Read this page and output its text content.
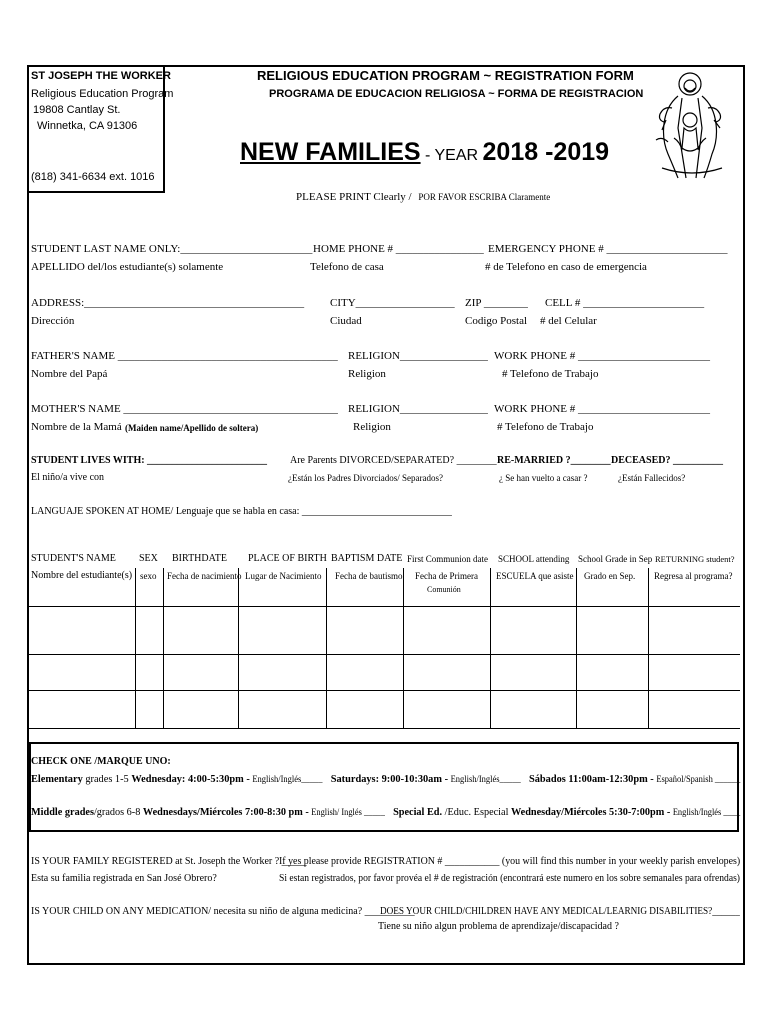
ST JOSEPH THE WORKER
Religious Education Program
19808 Cantlay St.
Winnetka, CA 91306
(818) 341-6634 ext. 1016
RELIGIOUS EDUCATION PROGRAM ~ REGISTRATION FORM
PROGRAMA DE EDUCACION RELIGIOSA ~ FORMA DE REGISTRACION
NEW FAMILIES - YEAR 2018 -2019
PLEASE PRINT Clearly / POR FAVOR ESCRIBA Claramente
STUDENT LAST NAME ONLY:________________________
APELLIDO del/los estudiante(s) solamente
HOME PHONE # ________________
Telefono de casa
EMERGENCY PHONE # ______________________
# de Telefono en caso de emergencia
ADDRESS:________________________________________
Dirección
CITY__________________
Ciudad
ZIP ________
Codigo Postal
CELL # ______________________
# del Celular
FATHER'S NAME ________________________________________
Nombre del Papá
RELIGION________________
Religion
WORK PHONE # ________________________
# Telefono de Trabajo
MOTHER'S NAME _______________________________________
Nombre de la Mamá (Maiden name/Apellido de soltera)
RELIGION________________
Religion
WORK PHONE # ________________________
# Telefono de Trabajo
STUDENT LIVES WITH: ________________________
El niño/a vive con
Are Parents DIVORCED/SEPARATED? ________
¿Están los Padres Divorciados/ Separados?
RE-MARRIED ?________
¿ Se han vuelto a casar ?
DECEASED? __________
¿Están Fallecidos?
LANGUAJE SPOKEN AT HOME/ Lenguaje que se habla en casa: ______________________________
STUDENT'S NAME
Nombre del estudiante(s)
SEX
sexo
BIRTHDATE
Fecha de nacimiento
PLACE OF BIRTH
Lugar de Nacimiento
BAPTISM DATE
Fecha de bautismo
First Communion date
Fecha de Primera
Comunión
SCHOOL attending
ESCUELA que asiste
School Grade in Sep
Grado en Sep.
RETURNING student?
Regresa al programa?
CHECK ONE /MARQUE UNO:
Elementary grades 1-5 Wednesday: 4:00-5:30pm - English/Inglés_____ Saturdays: 9:00-10:30am - English/Inglés_____ Sábados 11:00am-12:30pm - Español/Spanish ______
Middle grades/grados 6-8 Wednesdays/Miércoles 7:00-8:30 pm - English/ Inglés _____ Special Ed. /Educ. Especial Wednesday/Miércoles 5:30-7:00pm - English/Inglés ____
IS YOUR FAMILY REGISTERED at St. Joseph the Worker ? _____
Esta su familia registrada en San José Obrero?
If yes please provide REGISTRATION # ___________ (you will find this number in your weekly parish envelopes)
Si estan registrados, por favor provéa el # de registración (encontrará este numero en los sobre semanales para ofrendas)
IS YOUR CHILD ON ANY MEDICATION/ necesita su niño de alguna medicina? __________
DOES YOUR CHILD/CHILDREN HAVE ANY MEDICAL/LEARNIG DISABILITIES?______
Tiene su niño algun problema de aprendizaje/discapacidad ?
